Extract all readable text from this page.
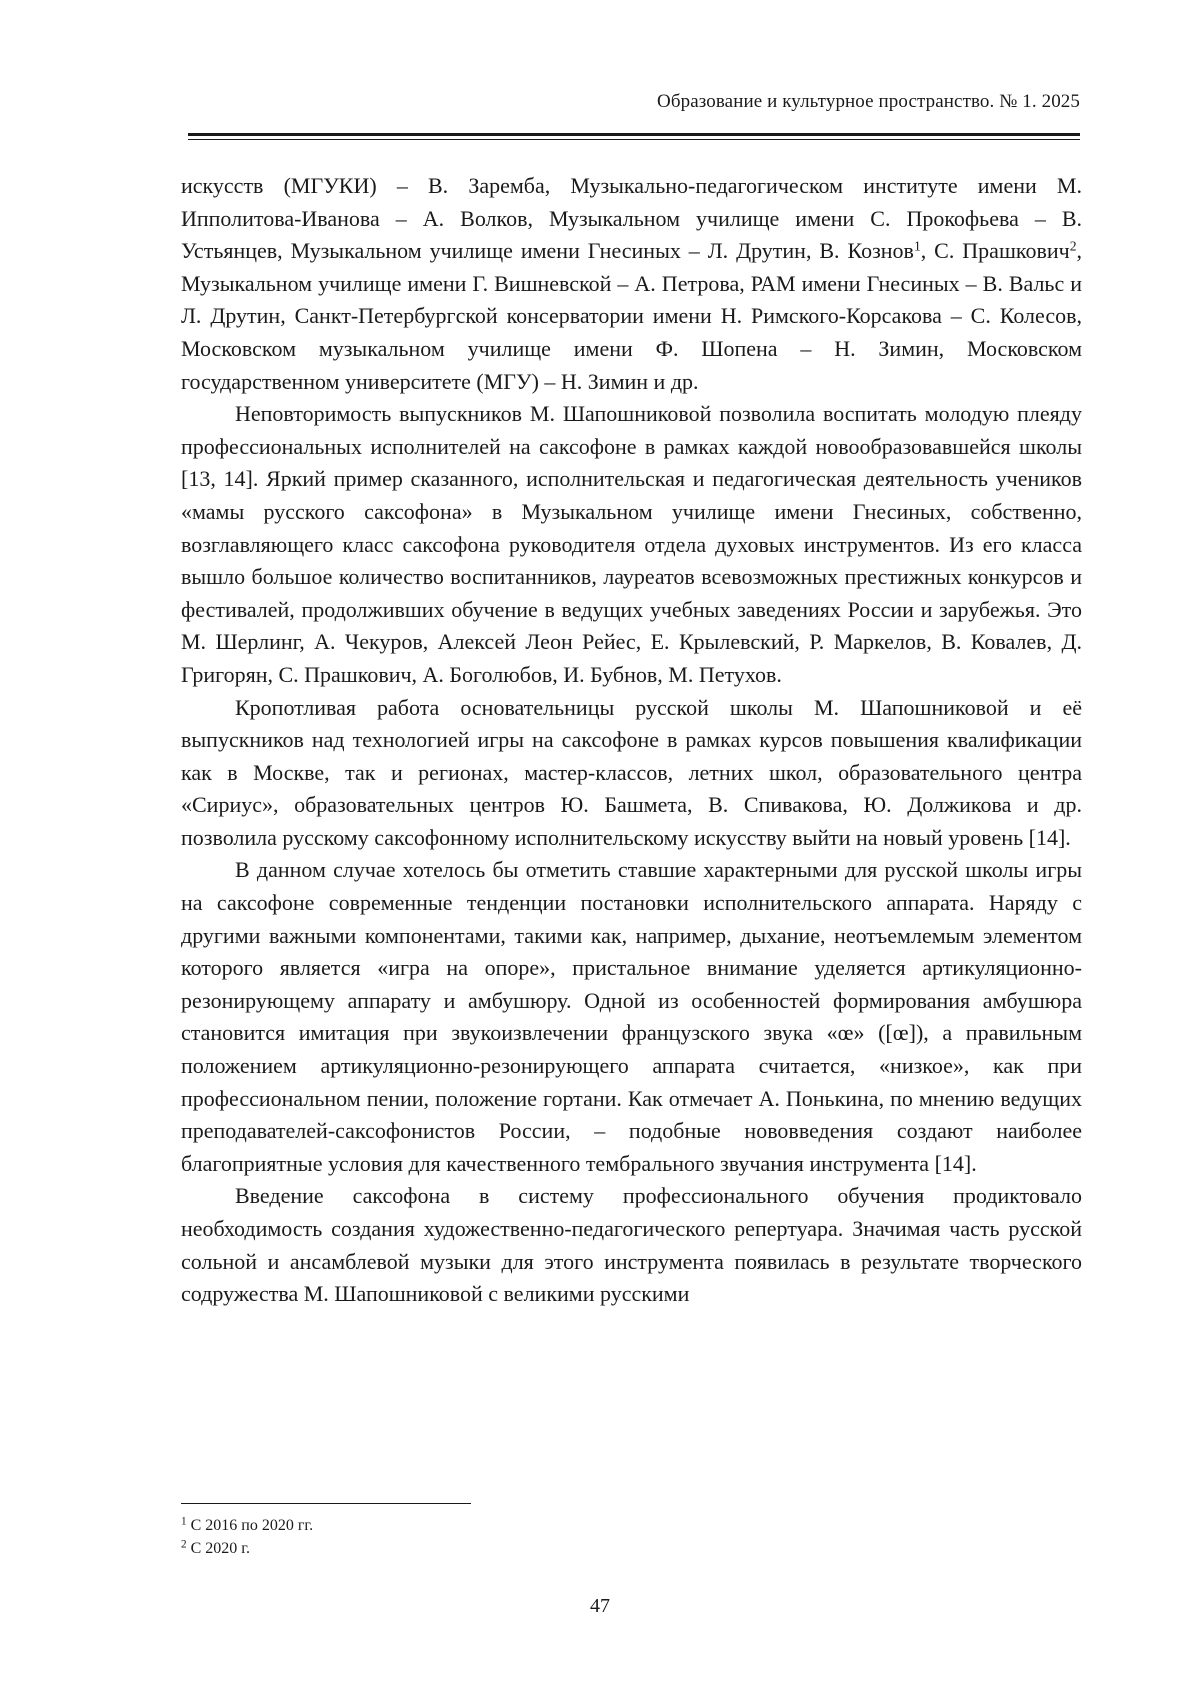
Образование и культурное пространство. № 1. 2025

искусств (МГУКИ) – В. Заремба, Музыкально-педагогическом институте имени М. Ипполитова-Иванова – А. Волков, Музыкальном училище имени С. Прокофьева – В. Устьянцев, Музыкальном училище имени Гнесиных – Л. Друтин, В. Кознов$^1$, С. Прашкович$^2$, Музыкальном училище имени Г. Вишневской – А. Петрова, РАМ имени Гнесиных – В. Вальс и Л. Друтин, Санкт-Петербургской консерватории имени Н. Римского-Корсакова – С. Колесов, Московском музыкальном училище имени Ф. Шопена – Н. Зимин, Московском государственном университете (МГУ) – Н. Зимин и др.

Неповторимость выпускников М. Шапошниковой позволила воспитать молодую плеяду профессиональных исполнителей на саксофоне в рамках каждой новообразовавшейся школы [13, 14]. Яркий пример сказанного, исполнительская и педагогическая деятельность учеников «мамы русского саксофона» в Музыкальном училище имени Гнесиных, собственно, возглавляющего класс саксофона руководителя отдела духовых инструментов. Из его класса вышло большое количество воспитанников, лауреатов всевозможных престижных конкурсов и фестивалей, продолживших обучение в ведущих учебных заведениях России и зарубежья. Это М. Шерлинг, А. Чекуров, Алексей Леон Рейес, Е. Крылевский, Р. Маркелов, В. Ковалев, Д. Григорян, С. Прашкович, А. Боголюбов, И. Бубнов, М. Петухов.

Кропотливая работа основательницы русской школы М. Шапошниковой и её выпускников над технологией игры на саксофоне в рамках курсов повышения квалификации как в Москве, так и регионах, мастер-классов, летних школ, образовательного центра «Сириус», образовательных центров Ю. Башмета, В. Спивакова, Ю. Должикова и др. позволила русскому саксофонному исполнительскому искусству выйти на новый уровень [14].

В данном случае хотелось бы отметить ставшие характерными для русской школы игры на саксофоне современные тенденции постановки исполнительского аппарата. Наряду с другими важными компонентами, такими как, например, дыхание, неотъемлемым элементом которого является «игра на опоре», пристальное внимание уделяется артикуляционно-резонирующему аппарату и амбушюру. Одной из особенностей формирования амбушюра становится имитация при звукоизвлечении французского звука «œ» ([œ]), а правильным положением артикуляционно-резонирующего аппарата считается, «низкое», как при профессиональном пении, положение гортани. Как отмечает А. Понькина, по мнению ведущих преподавателей-саксофонистов России, – подобные нововведения создают наиболее благоприятные условия для качественного тембрального звучания инструмента [14].

Введение саксофона в систему профессионального обучения продиктовало необходимость создания художественно-педагогического репертуара. Значимая часть русской сольной и ансамблевой музыки для этого инструмента появилась в результате творческого содружества М. Шапошниковой с великими русскими

$^1$ С 2016 по 2020 гг.
$^2$ С 2020 г.
47
